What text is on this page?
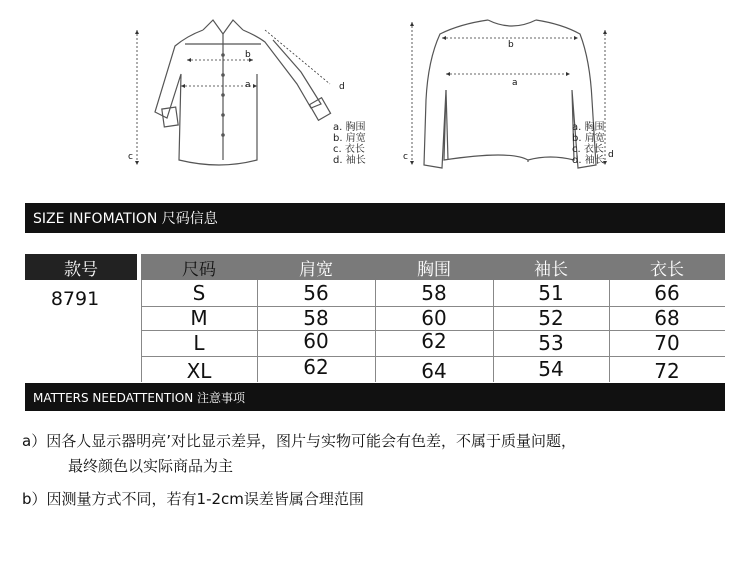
b
a
c
d
a. 胸围
b. 肩宽
c. 衣长
d. 袖长
b
a
c	d
a. 胸围
b. 肩宽
c. 衣长
d. 袖长
SIZE INFOMATION 尺码信息
款号	尺码	肩宽	胸围	袖长	衣长
8791	S	56	58	51	66
M	58	60	52	68
L	60	62	53	70
XL	62	64	54	72
MATTERS NEEDATTENTION 注意事项
a）因各人显示器明亮’对比显示差异，图片与实物可能会有色差，不属于质量问题，
最终颜色以实际商品为主
b）因测量方式不同，若有1-2cm误差皆属合理范围
